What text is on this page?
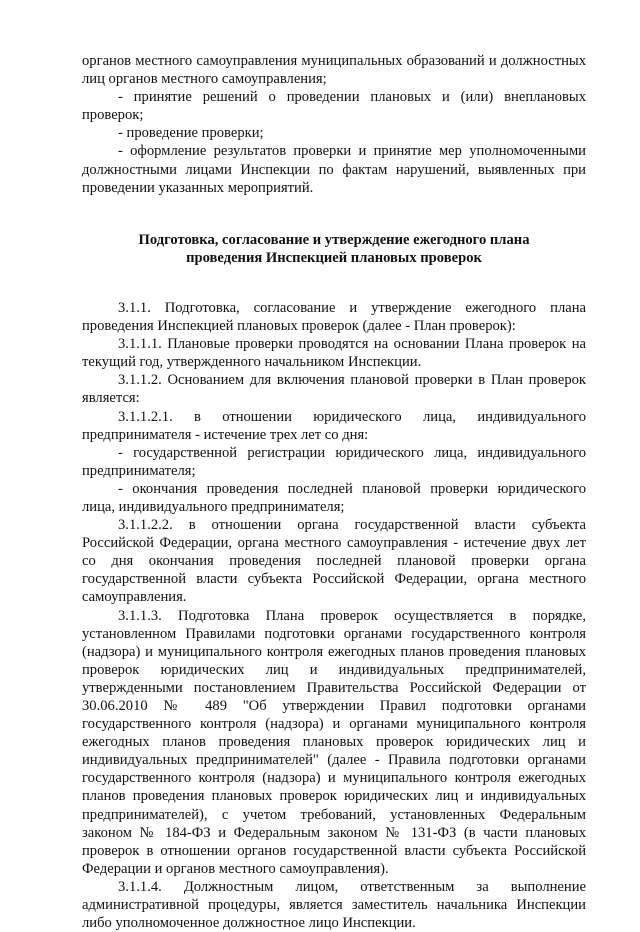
органов местного самоуправления муниципальных образований и должностных лиц органов местного самоуправления;

- принятие решений о проведении плановых и (или) внеплановых проверок;

- проведение проверки;

- оформление результатов проверки и принятие мер уполномоченными должностными лицами Инспекции по фактам нарушений, выявленных при проведении указанных мероприятий.

Подготовка, согласование и утверждение ежегодного плана
проведения Инспекцией плановых проверок

3.1.1. Подготовка, согласование и утверждение ежегодного плана проведения Инспекцией плановых проверок (далее - План проверок):

3.1.1.1. Плановые проверки проводятся на основании Плана проверок на текущий год, утвержденного начальником Инспекции.

3.1.1.2. Основанием для включения плановой проверки в План проверок является:

3.1.1.2.1. в отношении юридического лица, индивидуального предпринимателя - истечение трех лет со дня:

- государственной регистрации юридического лица, индивидуального предпринимателя;

- окончания проведения последней плановой проверки юридического лица, индивидуального предпринимателя;

3.1.1.2.2. в отношении органа государственной власти субъекта Российской Федерации, органа местного самоуправления - истечение двух лет со дня окончания проведения последней плановой проверки органа государственной власти субъекта Российской Федерации, органа местного самоуправления.

3.1.1.3. Подготовка Плана проверок осуществляется в порядке, установленном Правилами подготовки органами государственного контроля (надзора) и муниципального контроля ежегодных планов проведения плановых проверок юридических лиц и индивидуальных предпринимателей, утвержденными постановлением Правительства Российской Федерации от 30.06.2010 № 489 "Об утверждении Правил подготовки органами государственного контроля (надзора) и органами муниципального контроля ежегодных планов проведения плановых проверок юридических лиц и индивидуальных предпринимателей" (далее - Правила подготовки органами государственного контроля (надзора) и муниципального контроля ежегодных планов проведения плановых проверок юридических лиц и индивидуальных предпринимателей), с учетом требований, установленных Федеральным законом № 184-ФЗ и Федеральным законом № 131-ФЗ (в части плановых проверок в отношении органов государственной власти субъекта Российской Федерации и органов местного самоуправления).

3.1.1.4. Должностным лицом, ответственным за выполнение административной процедуры, является заместитель начальника Инспекции либо уполномоченное должностное лицо Инспекции.
